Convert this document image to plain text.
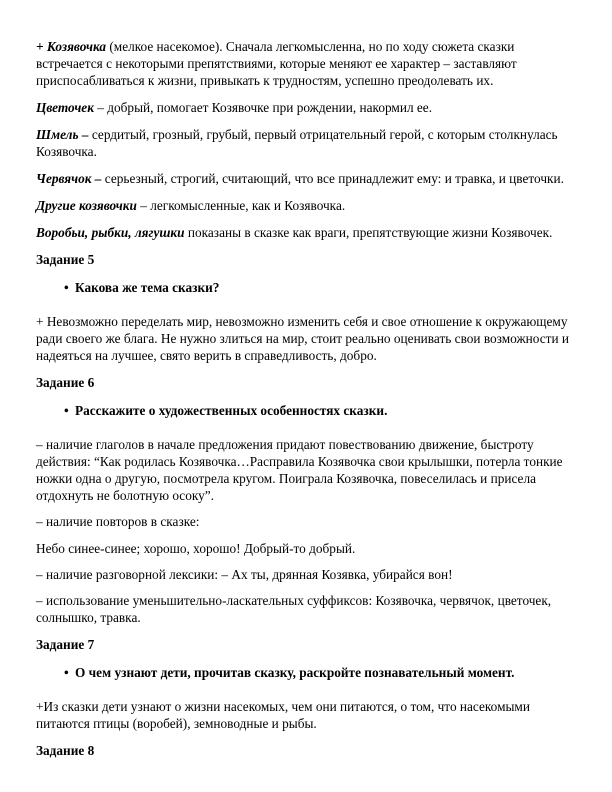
+ Козявочка (мелкое насекомое). Сначала легкомысленна, но по ходу сюжета сказки встречается с некоторыми препятствиями, которые меняют ее характер – заставляют приспосабливаться к жизни, привыкать к трудностям, успешно преодолевать их.

Цветочек – добрый, помогает Козявочке при рождении, накормил ее.

Шмель – сердитый, грозный, грубый, первый отрицательный герой, с которым столкнулась Козявочка.

Червячок – серьезный, строгий, считающий, что все принадлежит ему: и травка, и цветочки.

Другие козявочки – легкомысленные, как и Козявочка.

Воробьи, рыбки, лягушки показаны в сказке как враги, препятствующие жизни Козявочек.

Задание 5
• Какова же тема сказки?

+ Невозможно переделать мир, невозможно изменить себя и свое отношение к окружающему ради своего же блага. Не нужно злиться на мир, стоит реально оценивать свои возможности и надеяться на лучшее, свято верить в справедливость, добро.

Задание 6
• Расскажите о художественных особенностях сказки.

– наличие глаголов в начале предложения придают повествованию движение, быстроту действия: “Как родилась Козявочка…Расправила Козявочка свои крылышки, потерла тонкие ножки одна о другую, посмотрела кругом. Поиграла Козявочка, повеселилась и присела отдохнуть не болотную осоку”.

– наличие повторов в сказке:

Небо синее-синее; хорошо, хорошо! Добрый-то добрый.

– наличие разговорной лексики: – Ах ты, дрянная Козявка, убирайся вон!

– использование уменьшительно-ласкательных суффиксов: Козявочка, червячок, цветочек, солнышко, травка.

Задание 7
• О чем узнают дети, прочитав сказку, раскройте познавательный момент.

+Из сказки дети узнают о жизни насекомых, чем они питаются, о том, что насекомыми питаются птицы (воробей), земноводные и рыбы.

Задание 8
